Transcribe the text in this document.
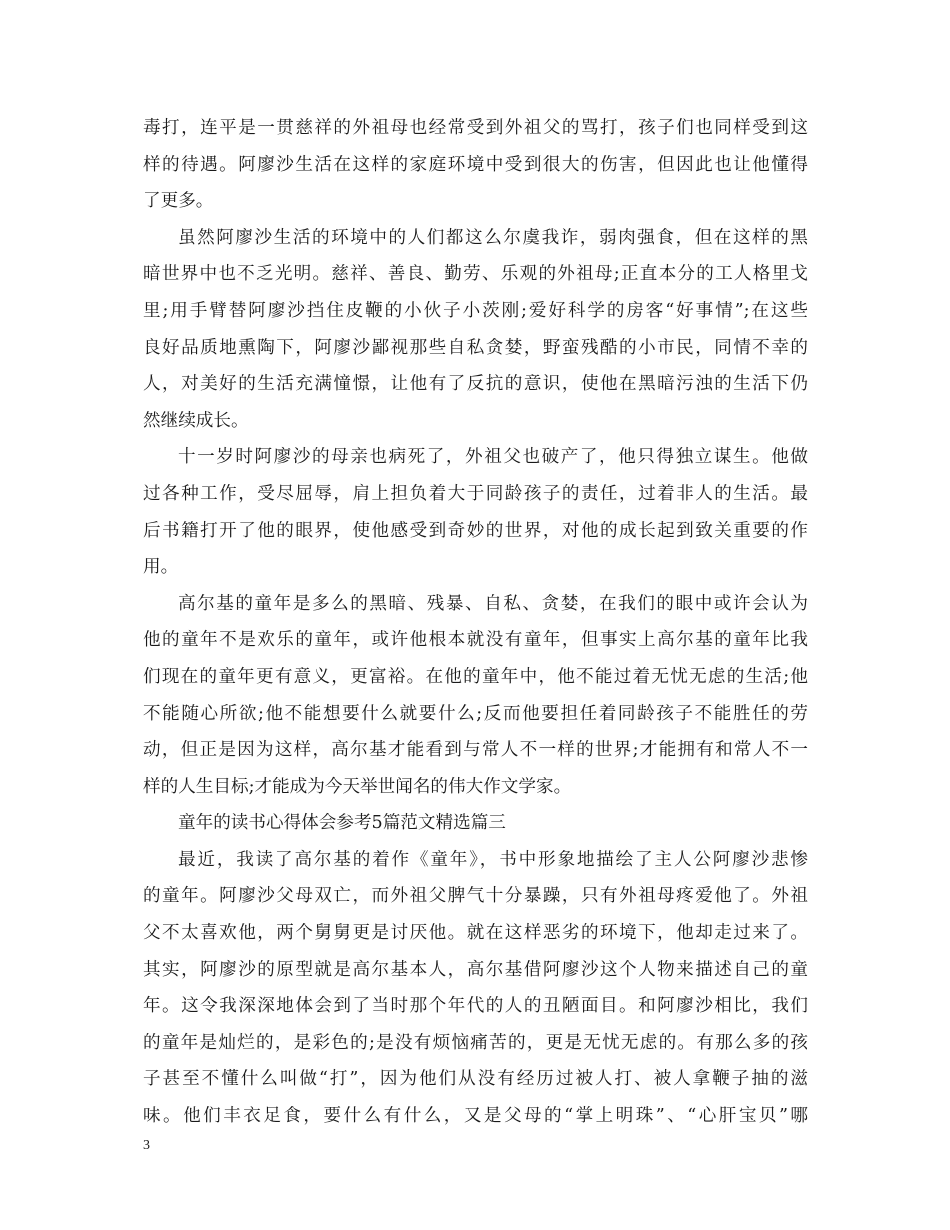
毒打，连平是一贯慈祥的外祖母也经常受到外祖父的骂打，孩子们也同样受到这
样的待遇。阿廖沙生活在这样的家庭环境中受到很大的伤害，但因此也让他懂得
了更多。
虽然阿廖沙生活的环境中的人们都这么尔虞我诈，弱肉强食，但在这样的黑
暗世界中也不乏光明。慈祥、善良、勤劳、乐观的外祖母;正直本分的工人格里戈
里;用手臂替阿廖沙挡住皮鞭的小伙子小茨刚;爱好科学的房客“好事情”;在这些
良好品质地熏陶下，阿廖沙鄙视那些自私贪婪，野蛮残酷的小市民，同情不幸的
人，对美好的生活充满憧憬，让他有了反抗的意识，使他在黑暗污浊的生活下仍
然继续成长。
十一岁时阿廖沙的母亲也病死了，外祖父也破产了，他只得独立谋生。他做
过各种工作，受尽屈辱，肩上担负着大于同龄孩子的责任，过着非人的生活。最
后书籍打开了他的眼界，使他感受到奇妙的世界，对他的成长起到致关重要的作
用。
高尔基的童年是多么的黑暗、残暴、自私、贪婪，在我们的眼中或许会认为
他的童年不是欢乐的童年，或许他根本就没有童年，但事实上高尔基的童年比我
们现在的童年更有意义，更富裕。在他的童年中，他不能过着无忧无虑的生活;他
不能随心所欲;他不能想要什么就要什么;反而他要担任着同龄孩子不能胜任的劳
动，但正是因为这样，高尔基才能看到与常人不一样的世界;才能拥有和常人不一
样的人生目标;才能成为今天举世闻名的伟大作文学家。
童年的读书心得体会参考5篇范文精选篇三
最近，我读了高尔基的着作《童年》，书中形象地描绘了主人公阿廖沙悲惨
的童年。阿廖沙父母双亡，而外祖父脾气十分暴躁，只有外祖母疼爱他了。外祖
父不太喜欢他，两个舅舅更是讨厌他。就在这样恶劣的环境下，他却走过来了。
其实，阿廖沙的原型就是高尔基本人，高尔基借阿廖沙这个人物来描述自己的童
年。这令我深深地体会到了当时那个年代的人的丑陋面目。和阿廖沙相比，我们
的童年是灿烂的，是彩色的;是没有烦恼痛苦的，更是无忧无虑的。有那么多的孩
子甚至不懂什么叫做“打”，因为他们从没有经历过被人打、被人拿鞭子抽的滋
味。他们丰衣足食，要什么有什么，又是父母的“掌上明珠”、“心肝宝贝”哪
3
